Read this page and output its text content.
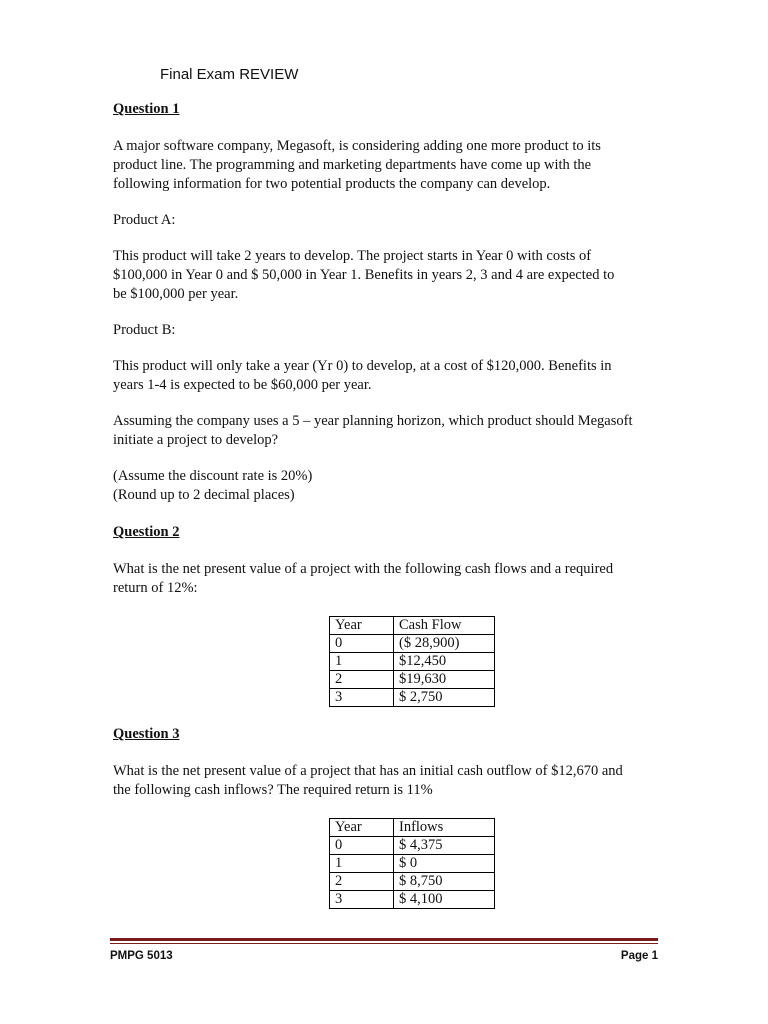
Final Exam REVIEW

Question 1

A major software company, Megasoft, is considering adding one more product to its
product line. The programming and marketing departments have come up with the
following information for two potential products the company can develop.
Product A:
This product will take 2 years to develop. The project starts in Year 0 with costs of
$100,000 in Year 0 and $ 50,000 in Year 1. Benefits in years 2, 3 and 4 are expected to
be $100,000 per year.
Product B:
This product will only take a year (Yr 0) to develop, at a cost of $120,000. Benefits in
years 1-4 is expected to be $60,000 per year.
Assuming the company uses a 5 – year planning horizon, which product should Megasoft
initiate a project to develop?
(Assume the discount rate is 20%)
(Round up to 2 decimal places)

Question 2

What is the net present value of a project with the following cash flows and a required
return of 12%:
Year	Cash Flow
0	($ 28,900)
1	$12,450
2	$19,630
3	$ 2,750

Question 3

What is the net present value of a project that has an initial cash outflow of $12,670 and
the following cash inflows? The required return is 11%
Year	Inflows
0	$ 4,375
1	$ 0
2	$ 8,750
3	$ 4,100
PMPG 5013	Page 1
